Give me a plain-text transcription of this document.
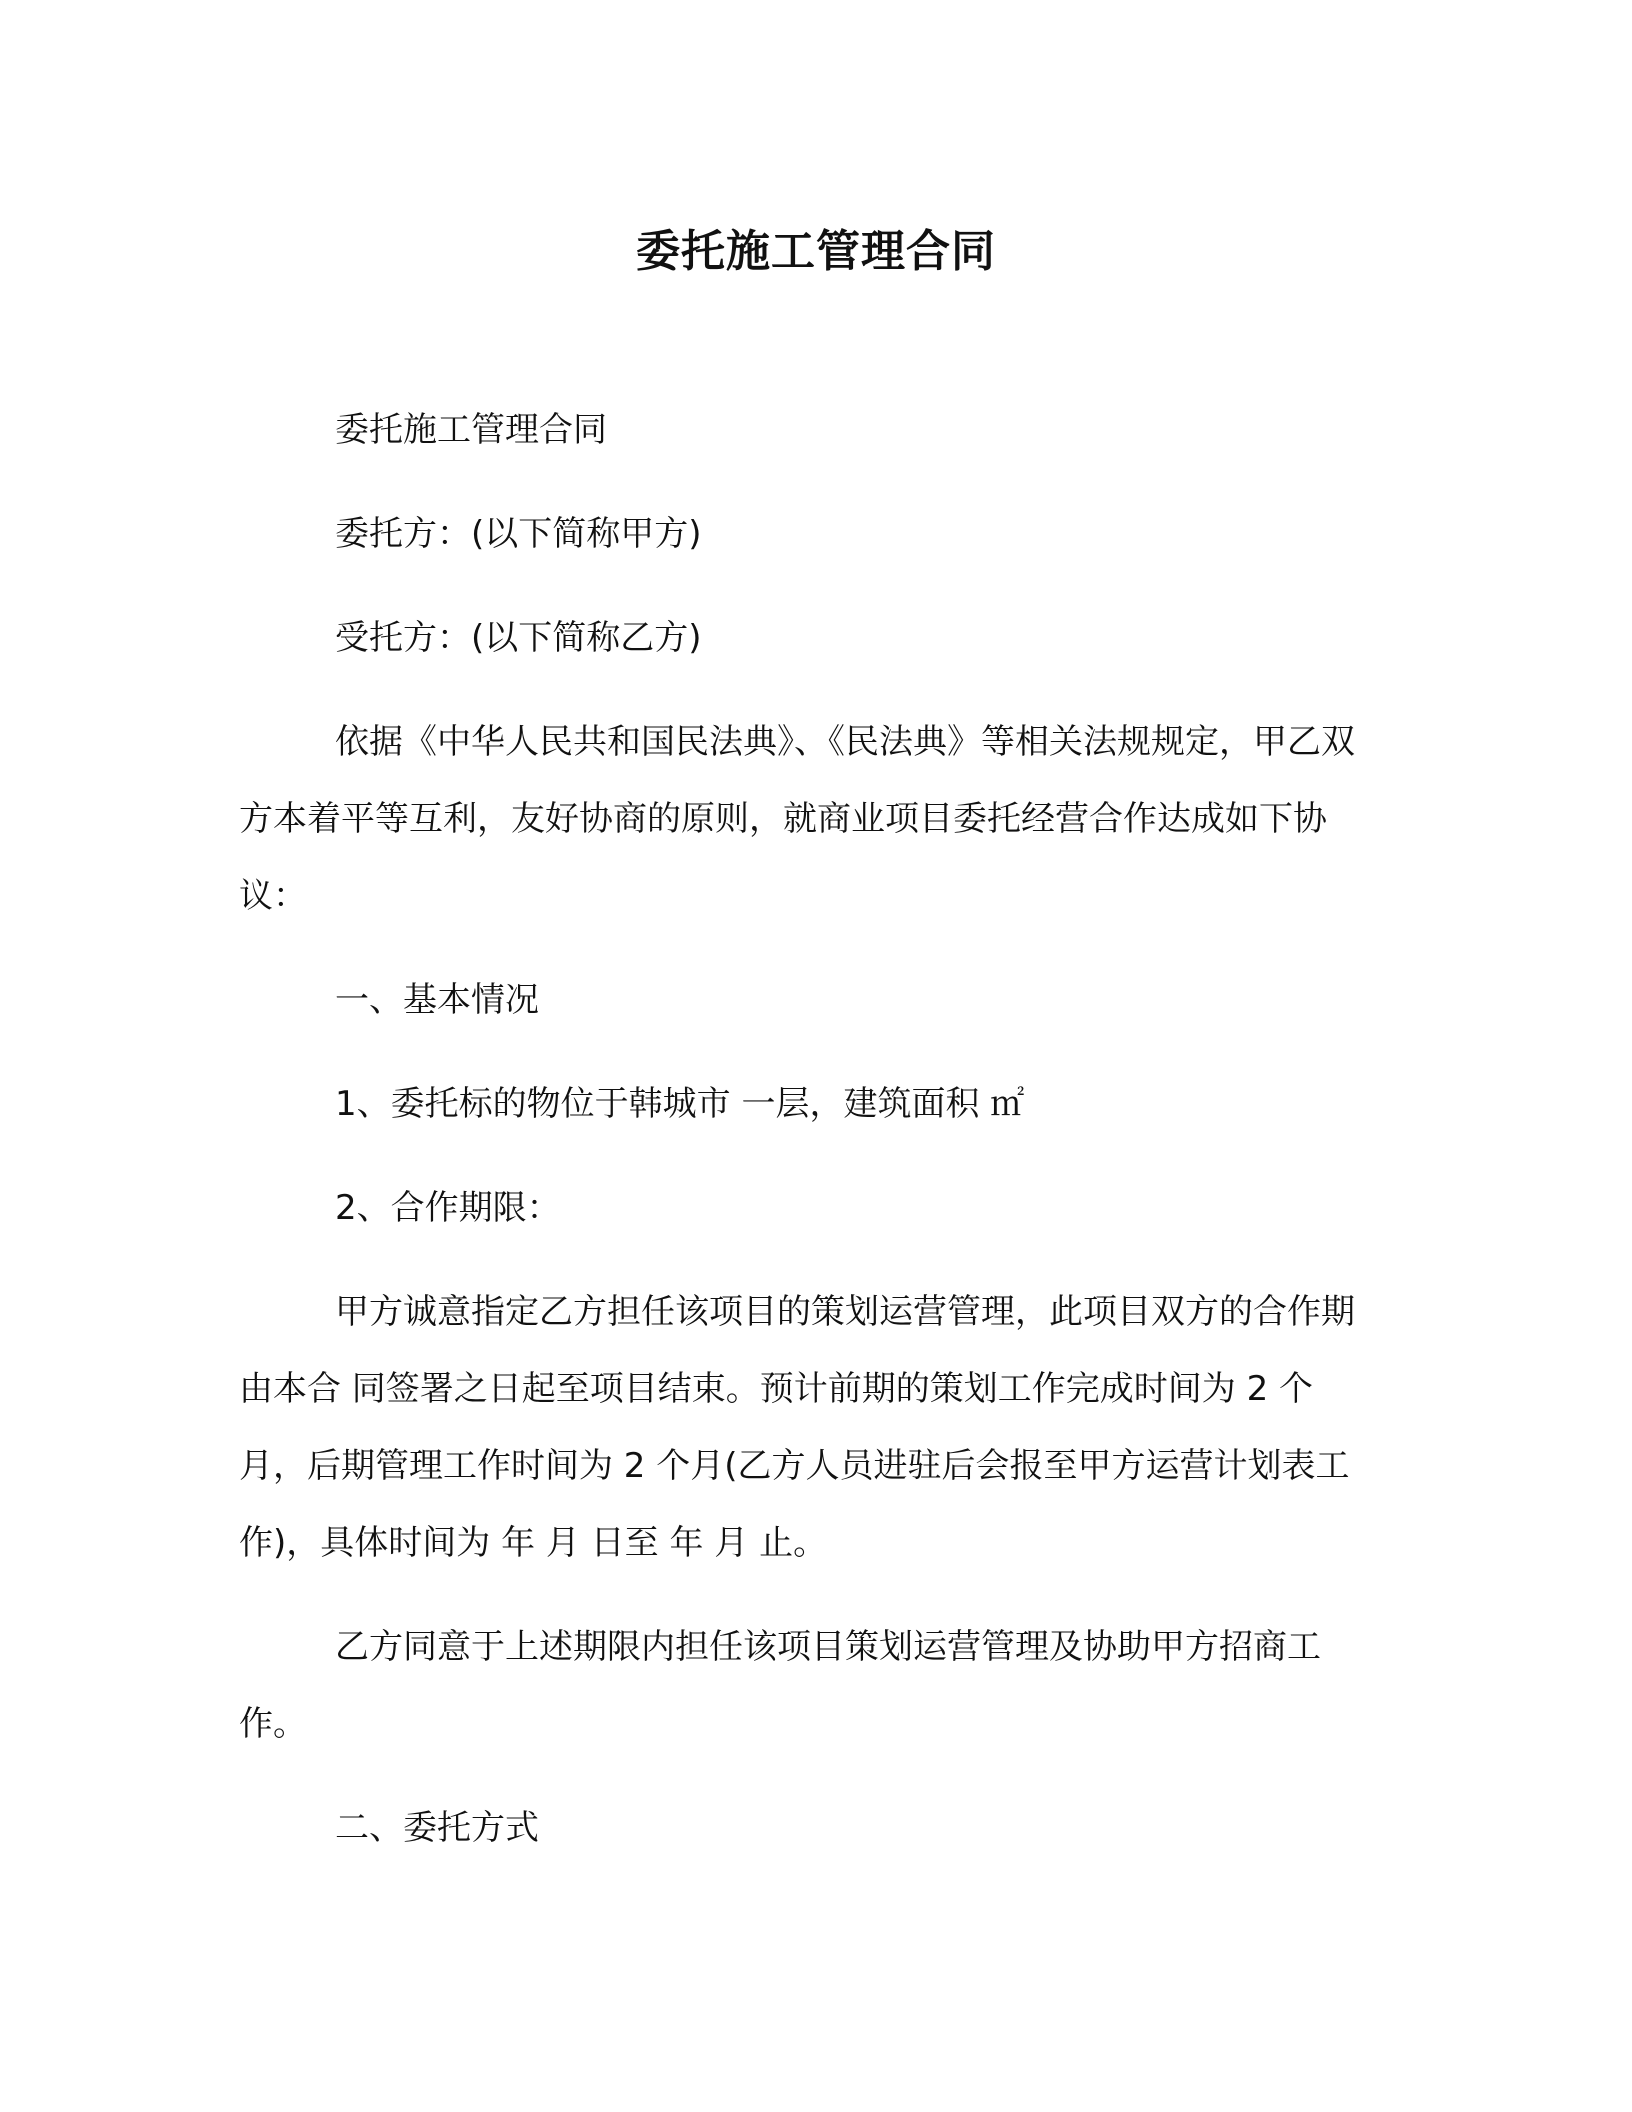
委托施工管理合同

委托施工管理合同

委托方：(以下简称甲方)

受托方：(以下简称乙方)

依据《中华人民共和国民法典》、《民法典》等相关法规规定，甲乙双方本着平等互利，友好协商的原则，就商业项目委托经营合作达成如下协议：

一、基本情况

1、委托标的物位于韩城市 一层，建筑面积 ㎡

2、合作期限：

甲方诚意指定乙方担任该项目的策划运营管理，此项目双方的合作期由本合 同签署之日起至项目结束。预计前期的策划工作完成时间为 2 个月，后期管理工作时间为 2 个月(乙方人员进驻后会报至甲方运营计划表工作)，具体时间为 年 月 日至 年 月 止。

乙方同意于上述期限内担任该项目策划运营管理及协助甲方招商工作。

二、委托方式
